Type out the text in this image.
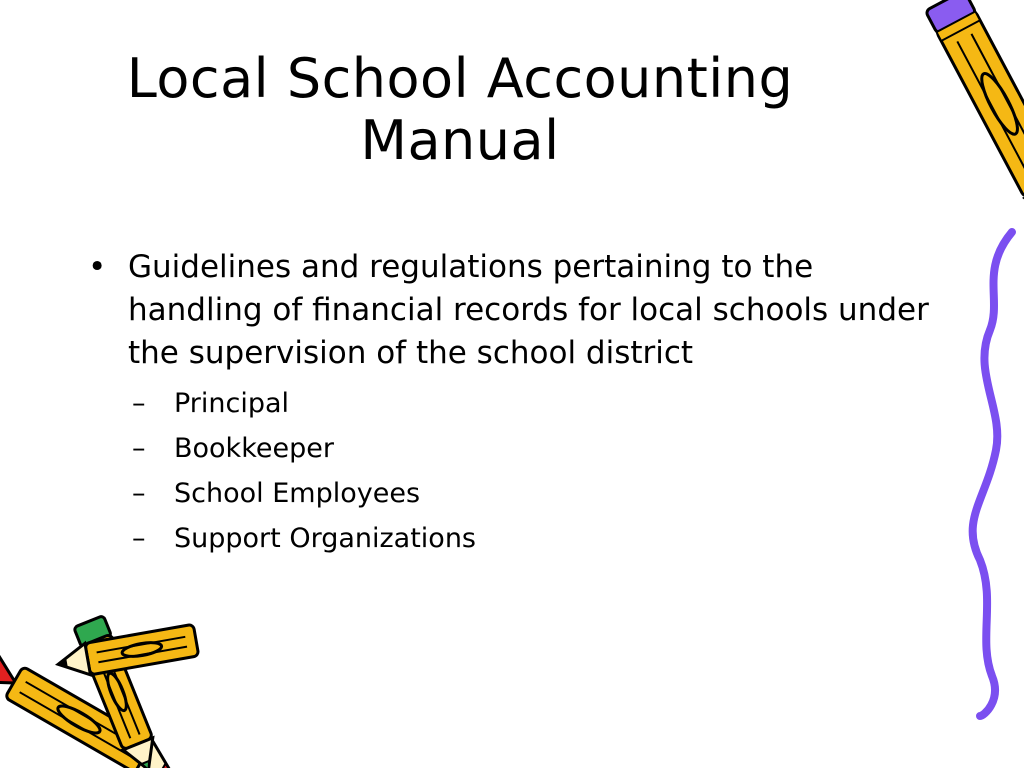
Local School Accounting
Manual
• Guidelines and regulations pertaining to the handling of financial records for local schools under the supervision of the school district
– Principal
– Bookkeeper
– School Employees
– Support Organizations
